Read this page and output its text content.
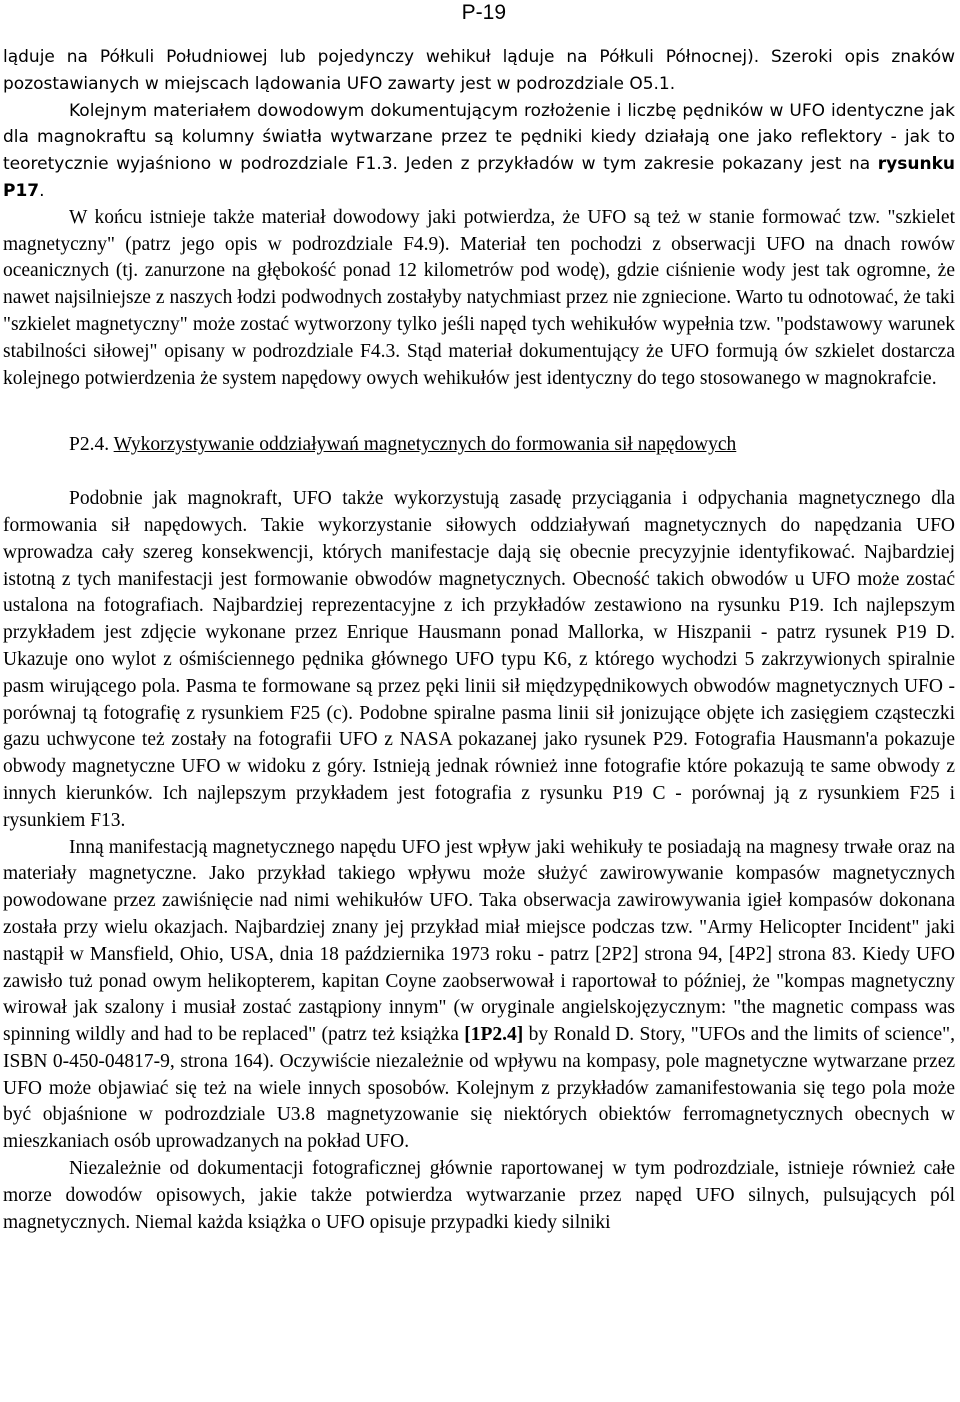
P-19

ląduje na Półkuli Południowej lub pojedynczy wehikuł ląduje na Półkuli Północnej). Szeroki opis znaków pozostawianych w miejscach lądowania UFO zawarty jest w podrozdziale O5.1.

Kolejnym materiałem dowodowym dokumentującym rozłożenie i liczbę pędników w UFO identyczne jak dla magnokraftu są kolumny światła wytwarzane przez te pędniki kiedy działają one jako reflektory - jak to teoretycznie wyjaśniono w podrozdziale F1.3. Jeden z przykładów w tym zakresie pokazany jest na rysunku P17.

W końcu istnieje także materiał dowodowy jaki potwierdza, że UFO są też w stanie formować tzw. "szkielet magnetyczny" (patrz jego opis w podrozdziale F4.9). Materiał ten pochodzi z obserwacji UFO na dnach rowów oceanicznych (tj. zanurzone na głębokość ponad 12 kilometrów pod wodę), gdzie ciśnienie wody jest tak ogromne, że nawet najsilniejsze z naszych łodzi podwodnych zostałyby natychmiast przez nie zgniecione. Warto tu odnotować, że taki "szkielet magnetyczny" może zostać wytworzony tylko jeśli napęd tych wehikułów wypełnia tzw. "podstawowy warunek stabilności siłowej" opisany w podrozdziale F4.3. Stąd materiał dokumentujący że UFO formują ów szkielet dostarcza kolejnego potwierdzenia że system napędowy owych wehikułów jest identyczny do tego stosowanego w magnokrafcie.

P2.4. Wykorzystywanie oddziaływań magnetycznych do formowania sił napędowych

Podobnie jak magnokraft, UFO także wykorzystują zasadę przyciągania i odpychania magnetycznego dla formowania sił napędowych. Takie wykorzystanie siłowych oddziaływań magnetycznych do napędzania UFO wprowadza cały szereg konsekwencji, których manifestacje dają się obecnie precyzyjnie identyfikować. Najbardziej istotną z tych manifestacji jest formowanie obwodów magnetycznych. Obecność takich obwodów u UFO może zostać ustalona na fotografiach. Najbardziej reprezentacyjne z ich przykładów zestawiono na rysunku P19. Ich najlepszym przykładem jest zdjęcie wykonane przez Enrique Hausmann ponad Mallorka, w Hiszpanii - patrz rysunek P19 D. Ukazuje ono wylot z ośmiściennego pędnika głównego UFO typu K6, z którego wychodzi 5 zakrzywionych spiralnie pasm wirującego pola. Pasma te formowane są przez pęki linii sił międzypędnikowych obwodów magnetycznych UFO - porównaj tą fotografię z rysunkiem F25 (c). Podobne spiralne pasma linii sił jonizujące objęte ich zasięgiem cząsteczki gazu uchwycone też zostały na fotografii UFO z NASA pokazanej jako rysunek P29. Fotografia Hausmann'a pokazuje obwody magnetyczne UFO w widoku z góry. Istnieją jednak również inne fotografie które pokazują te same obwody z innych kierunków. Ich najlepszym przykładem jest fotografia z rysunku P19 C - porównaj ją z rysunkiem F25 i rysunkiem F13.

Inną manifestacją magnetycznego napędu UFO jest wpływ jaki wehikuły te posiadają na magnesy trwałe oraz na materiały magnetyczne. Jako przykład takiego wpływu może służyć zawirowywanie kompasów magnetycznych powodowane przez zawiśnięcie nad nimi wehikułów UFO. Taka obserwacja zawirowywania igieł kompasów dokonana została przy wielu okazjach. Najbardziej znany jej przykład miał miejsce podczas tzw. "Army Helicopter Incident" jaki nastąpił w Mansfield, Ohio, USA, dnia 18 października 1973 roku - patrz [2P2] strona 94, [4P2] strona 83. Kiedy UFO zawisło tuż ponad owym helikopterem, kapitan Coyne zaobserwował i raportował to później, że "kompas magnetyczny wirował jak szalony i musiał zostać zastąpiony innym" (w oryginale angielskojęzycznym: "the magnetic compass was spinning wildly and had to be replaced" (patrz też książka [1P2.4] by Ronald D. Story, "UFOs and the limits of science", ISBN 0-450-04817-9, strona 164). Oczywiście niezależnie od wpływu na kompasy, pole magnetyczne wytwarzane przez UFO może objawiać się też na wiele innych sposobów. Kolejnym z przykładów zamanifestowania się tego pola może być objaśnione w podrozdziale U3.8 magnetyzowanie się niektórych obiektów ferromagnetycznych obecnych w mieszkaniach osób uprowadzanych na pokład UFO.

Niezależnie od dokumentacji fotograficznej głównie raportowanej w tym podrozdziale, istnieje również całe morze dowodów opisowych, jakie także potwierdza wytwarzanie przez napęd UFO silnych, pulsujących pól magnetycznych. Niemal każda książka o UFO opisuje przypadki kiedy silniki
